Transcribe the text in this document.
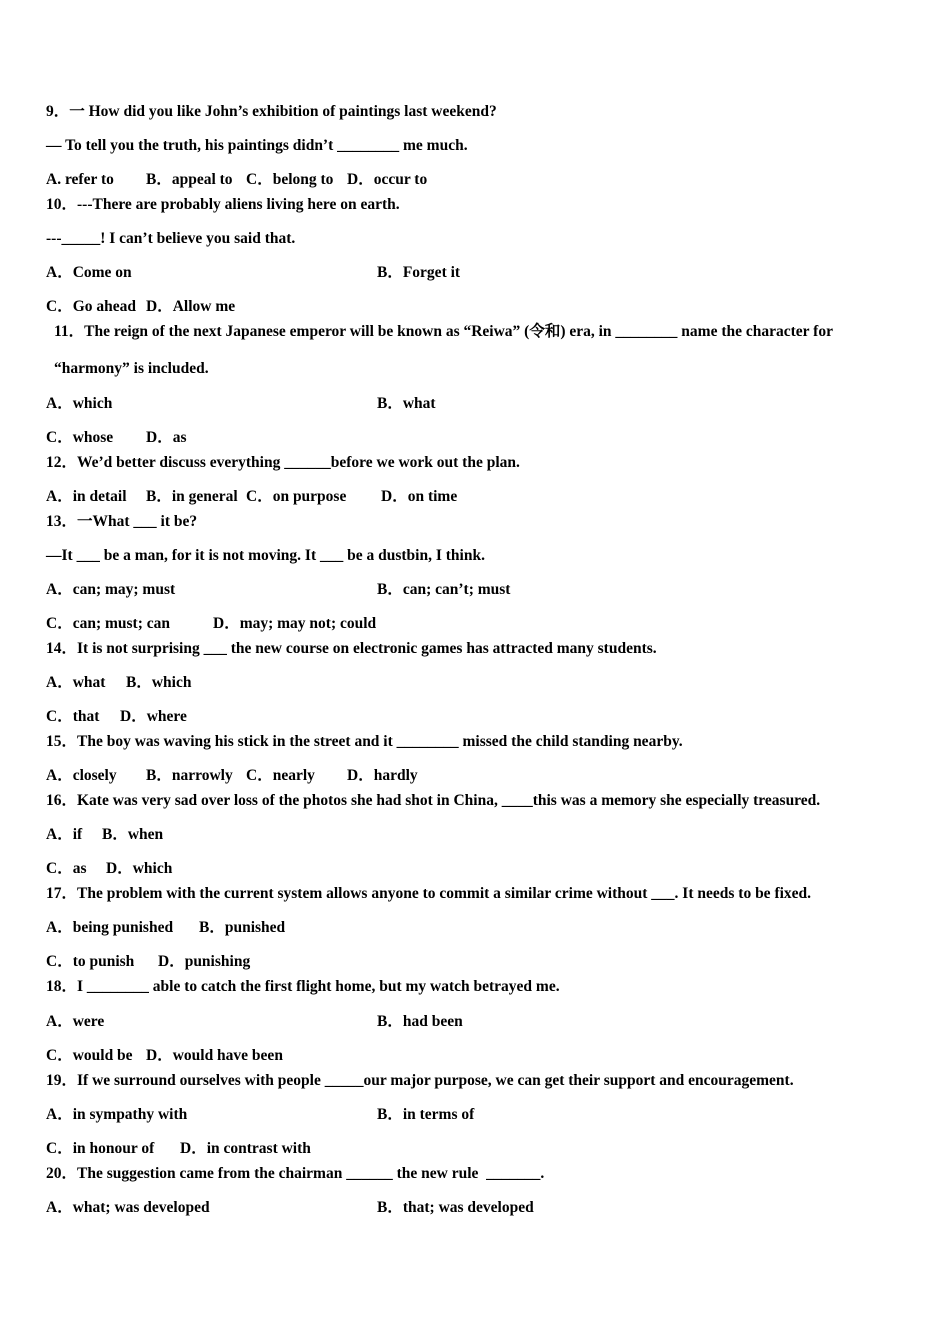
9．一 How did you like John’s exhibition of paintings last weekend?
— To tell you the truth, his paintings didn’t ________ me much.
A. refer to B．appeal to C．belong to D．occur to
10．---There are probably aliens living here on earth.
---_____! I can’t believe you said that.
A．Come on	B．Forget it
C．Go ahead D．Allow me
11．The reign of the next Japanese emperor will be known as “Reiwa” (令和) era, in ________ name the character for
“harmony” is included.
A．which	B．what
C．whose D．as
12．We’d better discuss everything ______before we work out the plan.
A．in detail B．in general C．on purpose D．on time
13．一What ___ it be?
—It ___ be a man, for it is not moving. It ___ be a dustbin, I think.
A．can; may; must	B．can; can’t; must
C．can; must; can	D．may; may not; could
14．It is not surprising ___ the new course on electronic games has attracted many students.
A．what B．which
C．that D．where
15．The boy was waving his stick in the street and it ________ missed the child standing nearby.
A．closely B．narrowly C．nearly D．hardly
16．Kate was very sad over loss of the photos she had shot in China, ____this was a memory she especially treasured.
A．if B．when
C．as D．which
17．The problem with the current system allows anyone to commit a similar crime without ___. It needs to be fixed.
A．being punished B．punished
C．to punish D．punishing
18．I ________ able to catch the first flight home, but my watch betrayed me.
A．were	B．had been
C．would be D．would have been
19．If we surround ourselves with people _____our major purpose, we can get their support and encouragement.
A．in sympathy with	B．in terms of
C．in honour of D．in contrast with
20．The suggestion came from the chairman ______ the new rule  _______.
A．what; was developed	B．that; was developed
